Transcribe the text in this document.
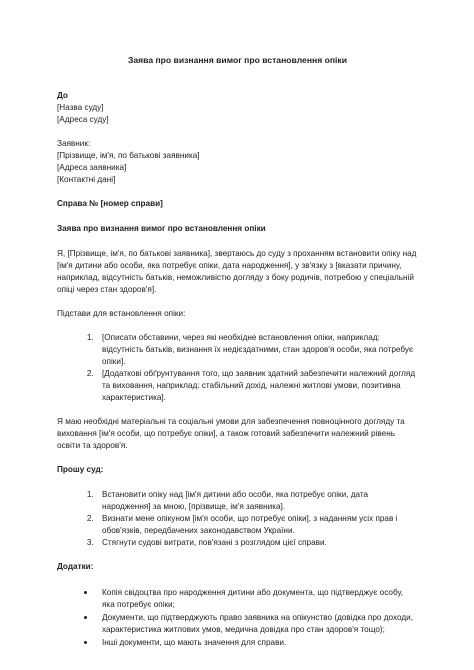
Заява про визнання вимог про встановлення опіки
До
[Назва суду]
[Адреса суду]
Заявник:
[Прізвище, ім'я, по батькові заявника]
[Адреса заявника]
[Контактні дані]

Справа № [номер справи]

Заява про визнання вимог про встановлення опіки

Я, [Прізвище, ім'я, по батькові заявника], звертаюсь до суду з проханням встановити опіку над [ім'я дитини або особи, яка потребує опіки, дата народження], у зв'язку з [вказати причину, наприклад, відсутність батьків, неможливістю догляду з боку родичів, потребою у спеціальній опіці через стан здоров'я].

Підстави для встановлення опіки:

1. [Описати обставини, через які необхідне встановлення опіки, наприклад: відсутність батьків, визнання їх недієздатними, стан здоров'я особи, яка потребує опіки].
2. [Додаткові обґрунтування того, що заявник здатний забезпечити належний догляд та виховання, наприклад: стабільний дохід, належні житлові умови, позитивна характеристика].

Я маю необхідні матеріальні та соціальні умови для забезпечення повноцінного догляду та виховання [ім'я особи, що потребує опіки], а також готовий забезпечити належний рівень освіти та здоров'я.

Прошу суд:

1. Встановити опіку над [ім'я дитини або особи, яка потребує опіки, дата народження] за мною, [прізвище, ім'я заявника].
2. Визнати мене опікуном [ім'я особи, що потребує опіки], з наданням усіх прав і обов'язків, передбачених законодавством України.
3. Стягнути судові витрати, пов'язані з розглядом цієї справи.

Додатки:

• Копія свідоцтва про народження дитини або документа, що підтверджує особу, яка потребує опіки;
• Документи, що підтверджують право заявника на опікунство (довідка про доходи, характеристика житлових умов, медична довідка про стан здоров'я тощо);
• Інші документи, що мають значення для справи.
